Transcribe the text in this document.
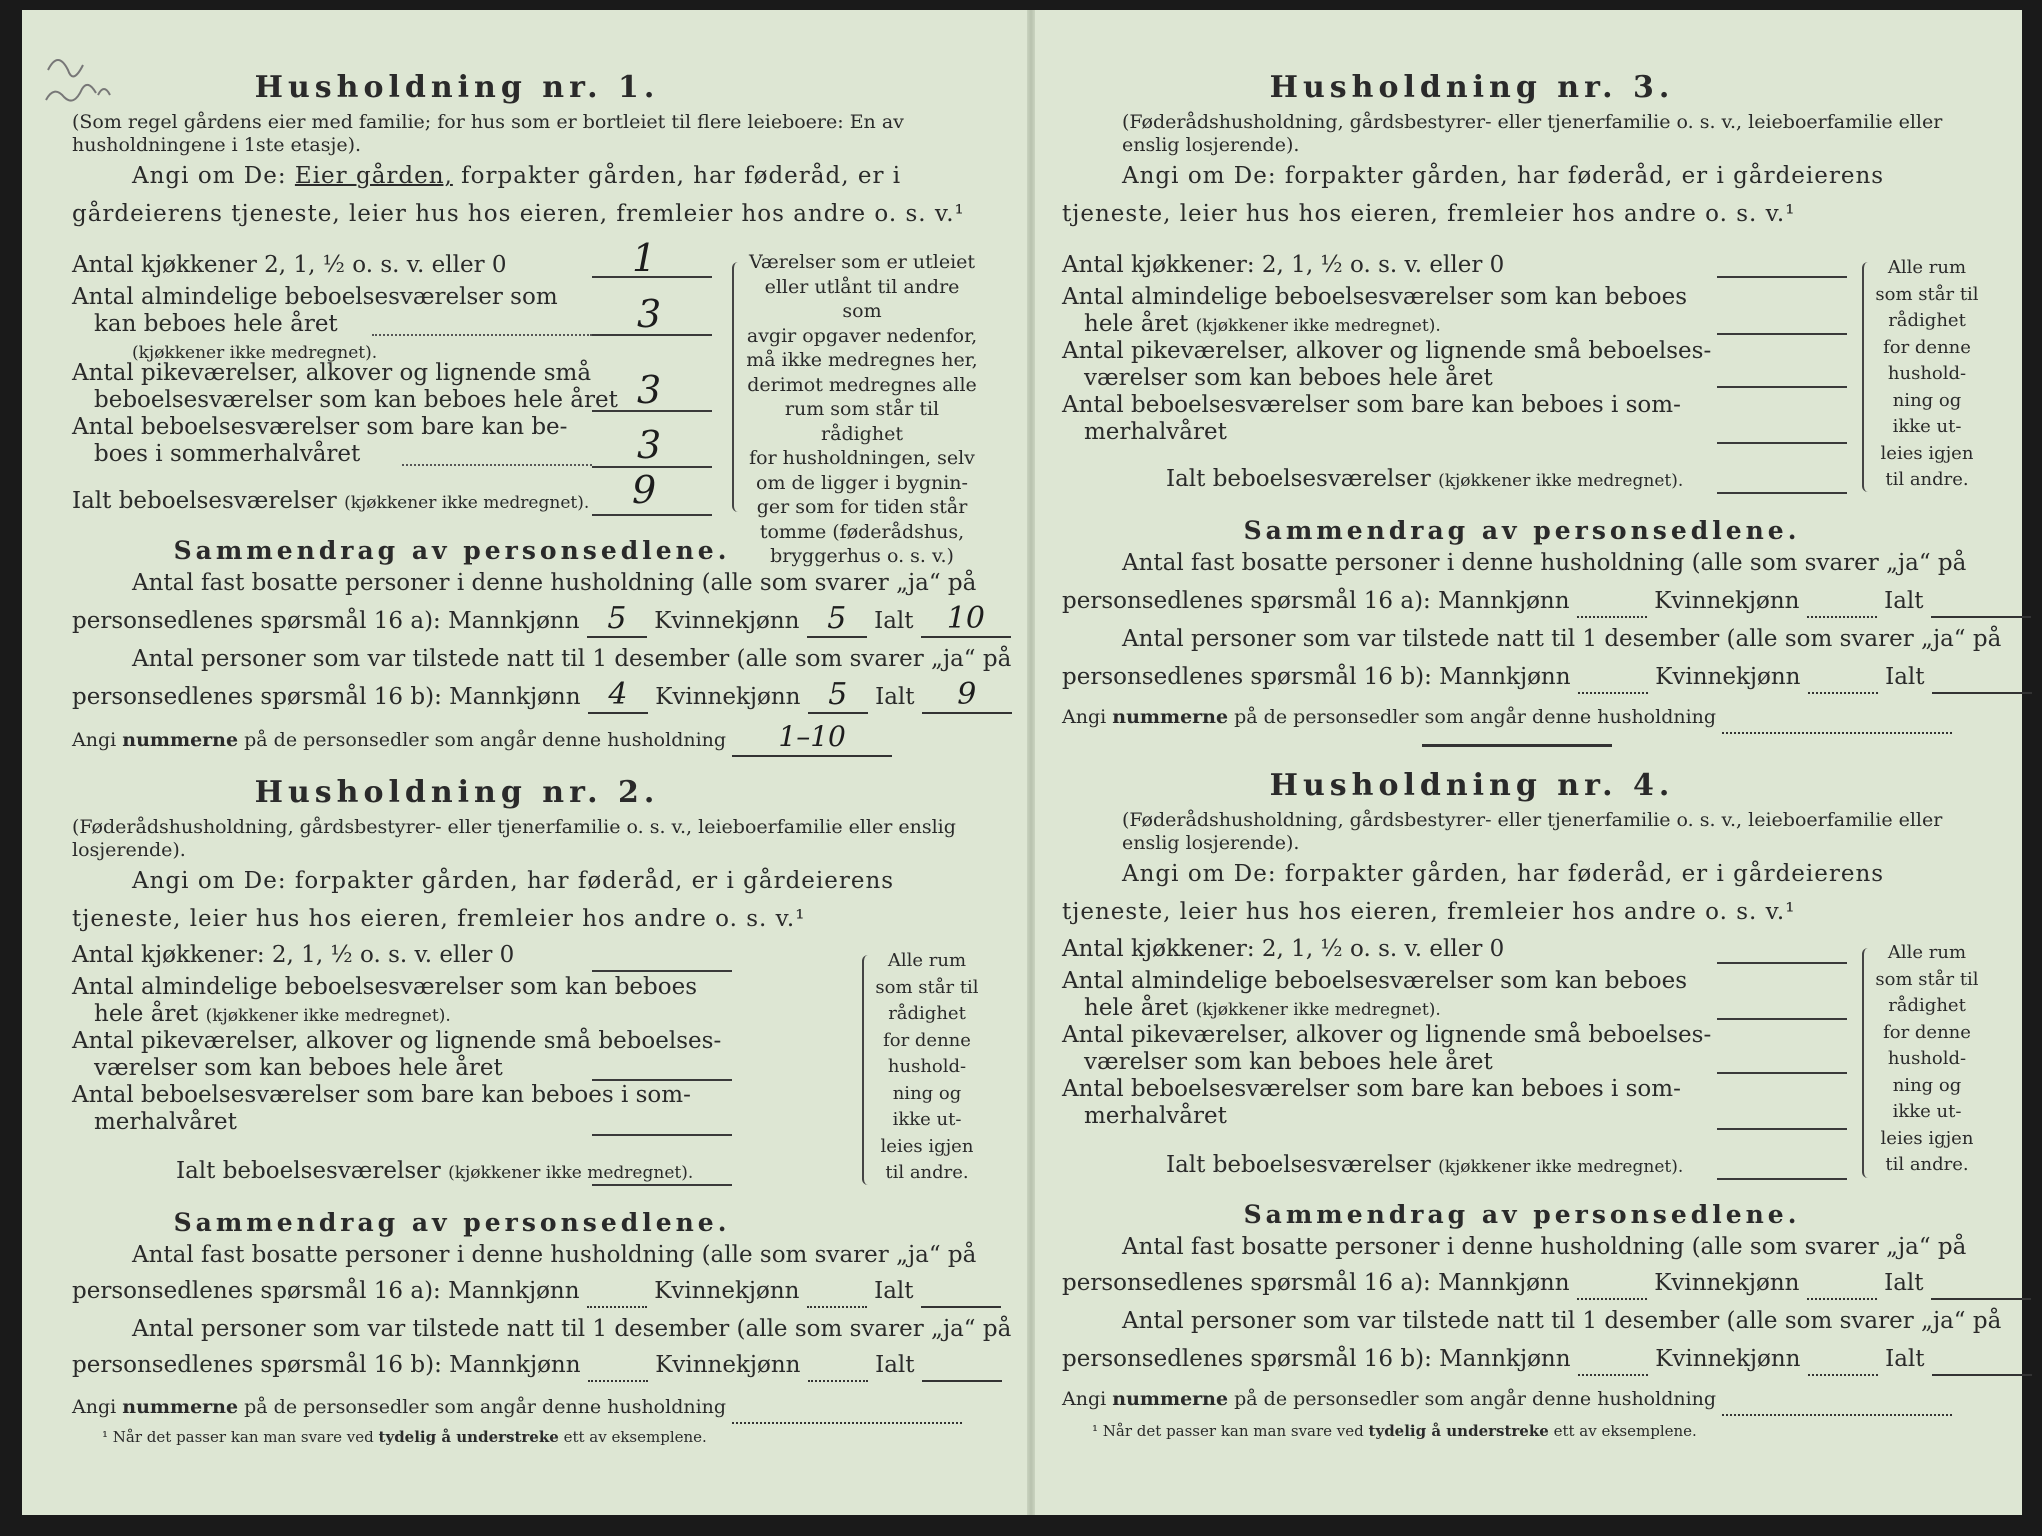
Husholdning nr. 1.
(Som regel gårdens eier med familie; for hus som er bortleiet til flere leieboere: En av husholdningene i 1ste etasje).
Angi om De: Eier gården, forpakter gården, har føderåd, er i gårdeierens tjeneste, leier hus hos eieren, fremleier hos andre o. s. v.¹
Antal kjøkkener 2, 1, ½ o. s. v. eller 0	1
Antal almindelige beboelsesværelser som
kan beboes hele året
(kjøkkener ikke medregnet).
3
Antal pikeværelser, alkover og lignende små
beboelsesværelser som kan beboes hele året 3
Antal beboelsesværelser som bare kan be-
boes i sommerhalvåret	3
Ialt beboelsesværelser (kjøkkener ikke medregnet). 9
Værelser som er utleiet
eller utlånt til andre som
avgir opgaver nedenfor,
må ikke medregnes her,
derimot medregnes alle
rum som står til rådighet
for husholdningen, selv
om de ligger i bygnin-
ger som for tiden står
tomme (føderådshus,
bryggerhus o. s. v.)
Sammendrag av personsedlene.
Antal fast bosatte personer i denne husholdning (alle som svarer „ja“ på
personsedlenes spørsmål 16 a): Mannkjønn 5 Kvinnekjønn 5 Ialt 10
Antal personer som var tilstede natt til 1 desember (alle som svarer „ja“ på
personsedlenes spørsmål 16 b): Mannkjønn 4 Kvinnekjønn 5 Ialt 9
Angi nummerne på de personsedler som angår denne husholdning 1–10
Husholdning nr. 2.
(Føderådshusholdning, gårdsbestyrer- eller tjenerfamilie o. s. v., leieboerfamilie eller enslig losjerende).
Angi om De: forpakter gården, har føderåd, er i gårdeierens tjeneste, leier hus hos eieren, fremleier hos andre o. s. v.¹
Antal kjøkkener: 2, 1, ½ o. s. v. eller 0
Antal almindelige beboelsesværelser som kan beboes
hele året (kjøkkener ikke medregnet).
Antal pikeværelser, alkover og lignende små beboelses-
værelser som kan beboes hele året
Antal beboelsesværelser som bare kan beboes i som-
merhalvåret
Ialt beboelsesværelser (kjøkkener ikke medregnet).
Alle rum
som står til
rådighet
for denne
hushold-
ning og
ikke ut-
leies igjen
til andre.
Sammendrag av personsedlene.
Antal fast bosatte personer i denne husholdning (alle som svarer „ja“ på
personsedlenes spørsmål 16 a): Mannkjønn	Kvinnekjønn	Ialt
Antal personer som var tilstede natt til 1 desember (alle som svarer „ja“ på
personsedlenes spørsmål 16 b): Mannkjønn	Kvinnekjønn	Ialt
Angi nummerne på de personsedler som angår denne husholdning
¹ Når det passer kan man svare ved tydelig å understreke ett av eksemplene.
Husholdning nr. 3.
(Føderådshusholdning, gårdsbestyrer- eller tjenerfamilie o. s. v., leieboerfamilie eller enslig losjerende).
Angi om De: forpakter gården, har føderåd, er i gårdeierens tjeneste, leier hus hos eieren, fremleier hos andre o. s. v.¹
Antal kjøkkener: 2, 1, ½ o. s. v. eller 0
Antal almindelige beboelsesværelser som kan beboes
hele året (kjøkkener ikke medregnet).
Antal pikeværelser, alkover og lignende små beboelses-
værelser som kan beboes hele året
Antal beboelsesværelser som bare kan beboes i som-
merhalvåret
Ialt beboelsesværelser (kjøkkener ikke medregnet).
Alle rum
som står til
rådighet
for denne
hushold-
ning og
ikke ut-
leies igjen
til andre.
Sammendrag av personsedlene.
Antal fast bosatte personer i denne husholdning (alle som svarer „ja“ på
personsedlenes spørsmål 16 a): Mannkjønn	Kvinnekjønn	Ialt
Antal personer som var tilstede natt til 1 desember (alle som svarer „ja“ på
personsedlenes spørsmål 16 b): Mannkjønn	Kvinnekjønn	Ialt
Angi nummerne på de personsedler som angår denne husholdning
Husholdning nr. 4.
(Føderådshusholdning, gårdsbestyrer- eller tjenerfamilie o. s. v., leieboerfamilie eller enslig losjerende).
Angi om De: forpakter gården, har føderåd, er i gårdeierens tjeneste, leier hus hos eieren, fremleier hos andre o. s. v.¹
Antal kjøkkener: 2, 1, ½ o. s. v. eller 0
Antal almindelige beboelsesværelser som kan beboes
hele året (kjøkkener ikke medregnet).
Antal pikeværelser, alkover og lignende små beboelses-
værelser som kan beboes hele året
Antal beboelsesværelser som bare kan beboes i som-
merhalvåret
Ialt beboelsesværelser (kjøkkener ikke medregnet).
Alle rum
som står til
rådighet
for denne
hushold-
ning og
ikke ut-
leies igjen
til andre.
Sammendrag av personsedlene.
Antal fast bosatte personer i denne husholdning (alle som svarer „ja“ på
personsedlenes spørsmål 16 a): Mannkjønn	Kvinnekjønn	Ialt
Antal personer som var tilstede natt til 1 desember (alle som svarer „ja“ på
personsedlenes spørsmål 16 b): Mannkjønn	Kvinnekjønn	Ialt
Angi nummerne på de personsedler som angår denne husholdning
¹ Når det passer kan man svare ved tydelig å understreke ett av eksemplene.
